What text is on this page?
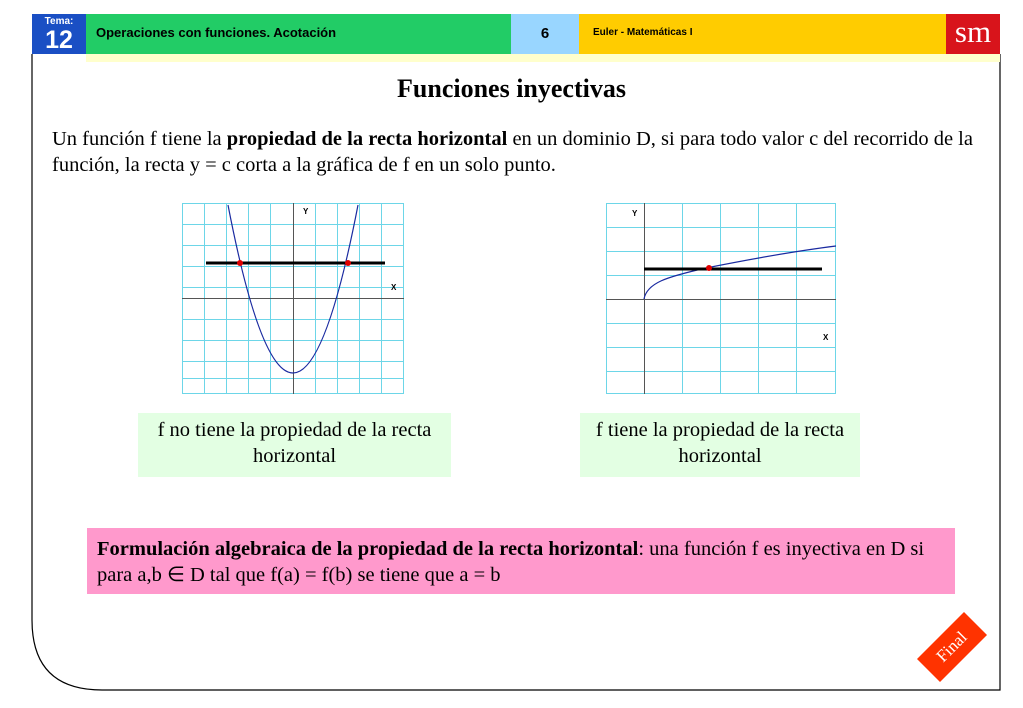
Tema:
12	Operaciones con funciones. Acotación	6	Euler - Matemáticas I	sm
Funciones inyectivas
Un función f tiene la propiedad de la recta horizontal en un dominio D, si para todo valor c del recorrido de la función, la recta y = c corta a la gráfica de f en un solo punto.
Y
X
Y
X
f no tiene la propiedad de la recta horizontal
f tiene la propiedad de la recta horizontal
Formulación algebraica de la propiedad de la recta horizontal: una función f es inyectiva en D si para a,b ∈ D tal que f(a) = f(b) se tiene que a = b
Final
